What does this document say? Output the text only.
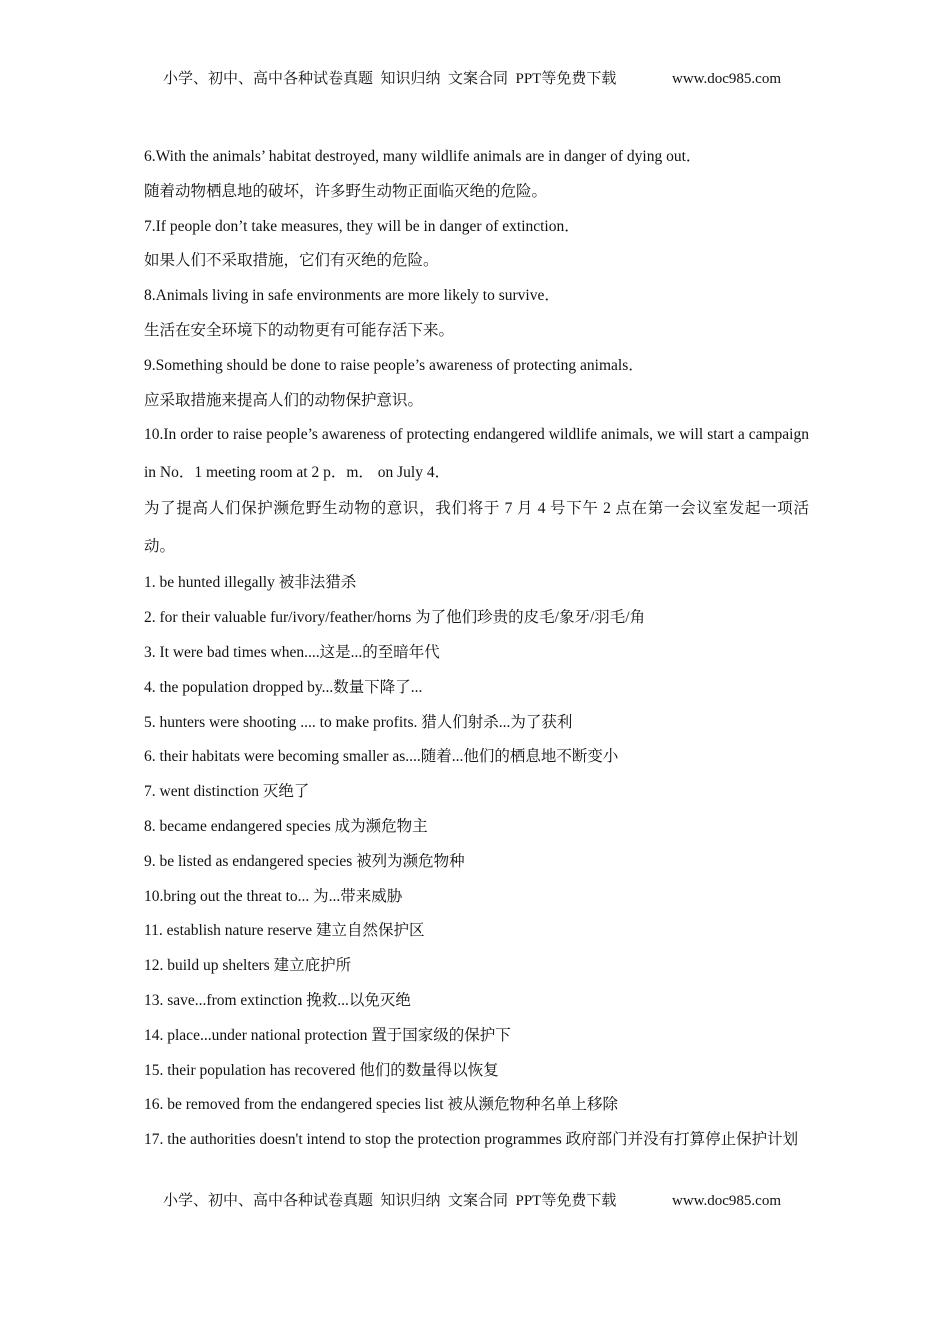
小学、初中、高中各种试卷真题  知识归纳  文案合同  PPT等免费下载

	www.doc985.com

6.With the animals’ habitat destroyed, many wildlife animals are in danger of dying out．

随着动物栖息地的破坏，许多野生动物正面临灭绝的危险。

7.If people don’t take measures, they will be in danger of extinction．

如果人们不采取措施，它们有灭绝的危险。

8.Animals living in safe environments are more likely to survive．

生活在安全环境下的动物更有可能存活下来。

9.Something should be done to raise people’s awareness of protecting animals．

应采取措施来提高人们的动物保护意识。

10.In order to raise people’s awareness of protecting endangered wildlife animals, we will start a campaign in No．1 meeting room at 2 p．m． on July 4．

为了提高人们保护濒危野生动物的意识，我们将于 7 月 4 号下午 2 点在第一会议室发起一项活动。

1. be hunted illegally 被非法猎杀

2. for their valuable fur/ivory/feather/horns 为了他们珍贵的皮毛/象牙/羽毛/角

3. It were bad times when....这是...的至暗年代

4. the population dropped by...数量下降了...

5. hunters were shooting .... to make profits. 猎人们射杀...为了获利

6. their habitats were becoming smaller as....随着...他们的栖息地不断变小

7. went distinction 灭绝了

8. became endangered species 成为濒危物主

9. be listed as endangered species 被列为濒危物种

10.bring out the threat to... 为...带来威胁

11. establish nature reserve 建立自然保护区

12. build up shelters 建立庇护所

13. save...from extinction 挽救...以免灭绝

14. place...under national protection 置于国家级的保护下

15. their population has recovered 他们的数量得以恢复

16. be removed from the endangered species list 被从濒危物种名单上移除

17. the authorities doesn't intend to stop the protection programmes 政府部门并没有打算停止保护计划

小学、初中、高中各种试卷真题  知识归纳  文案合同  PPT等免费下载

	www.doc985.com
